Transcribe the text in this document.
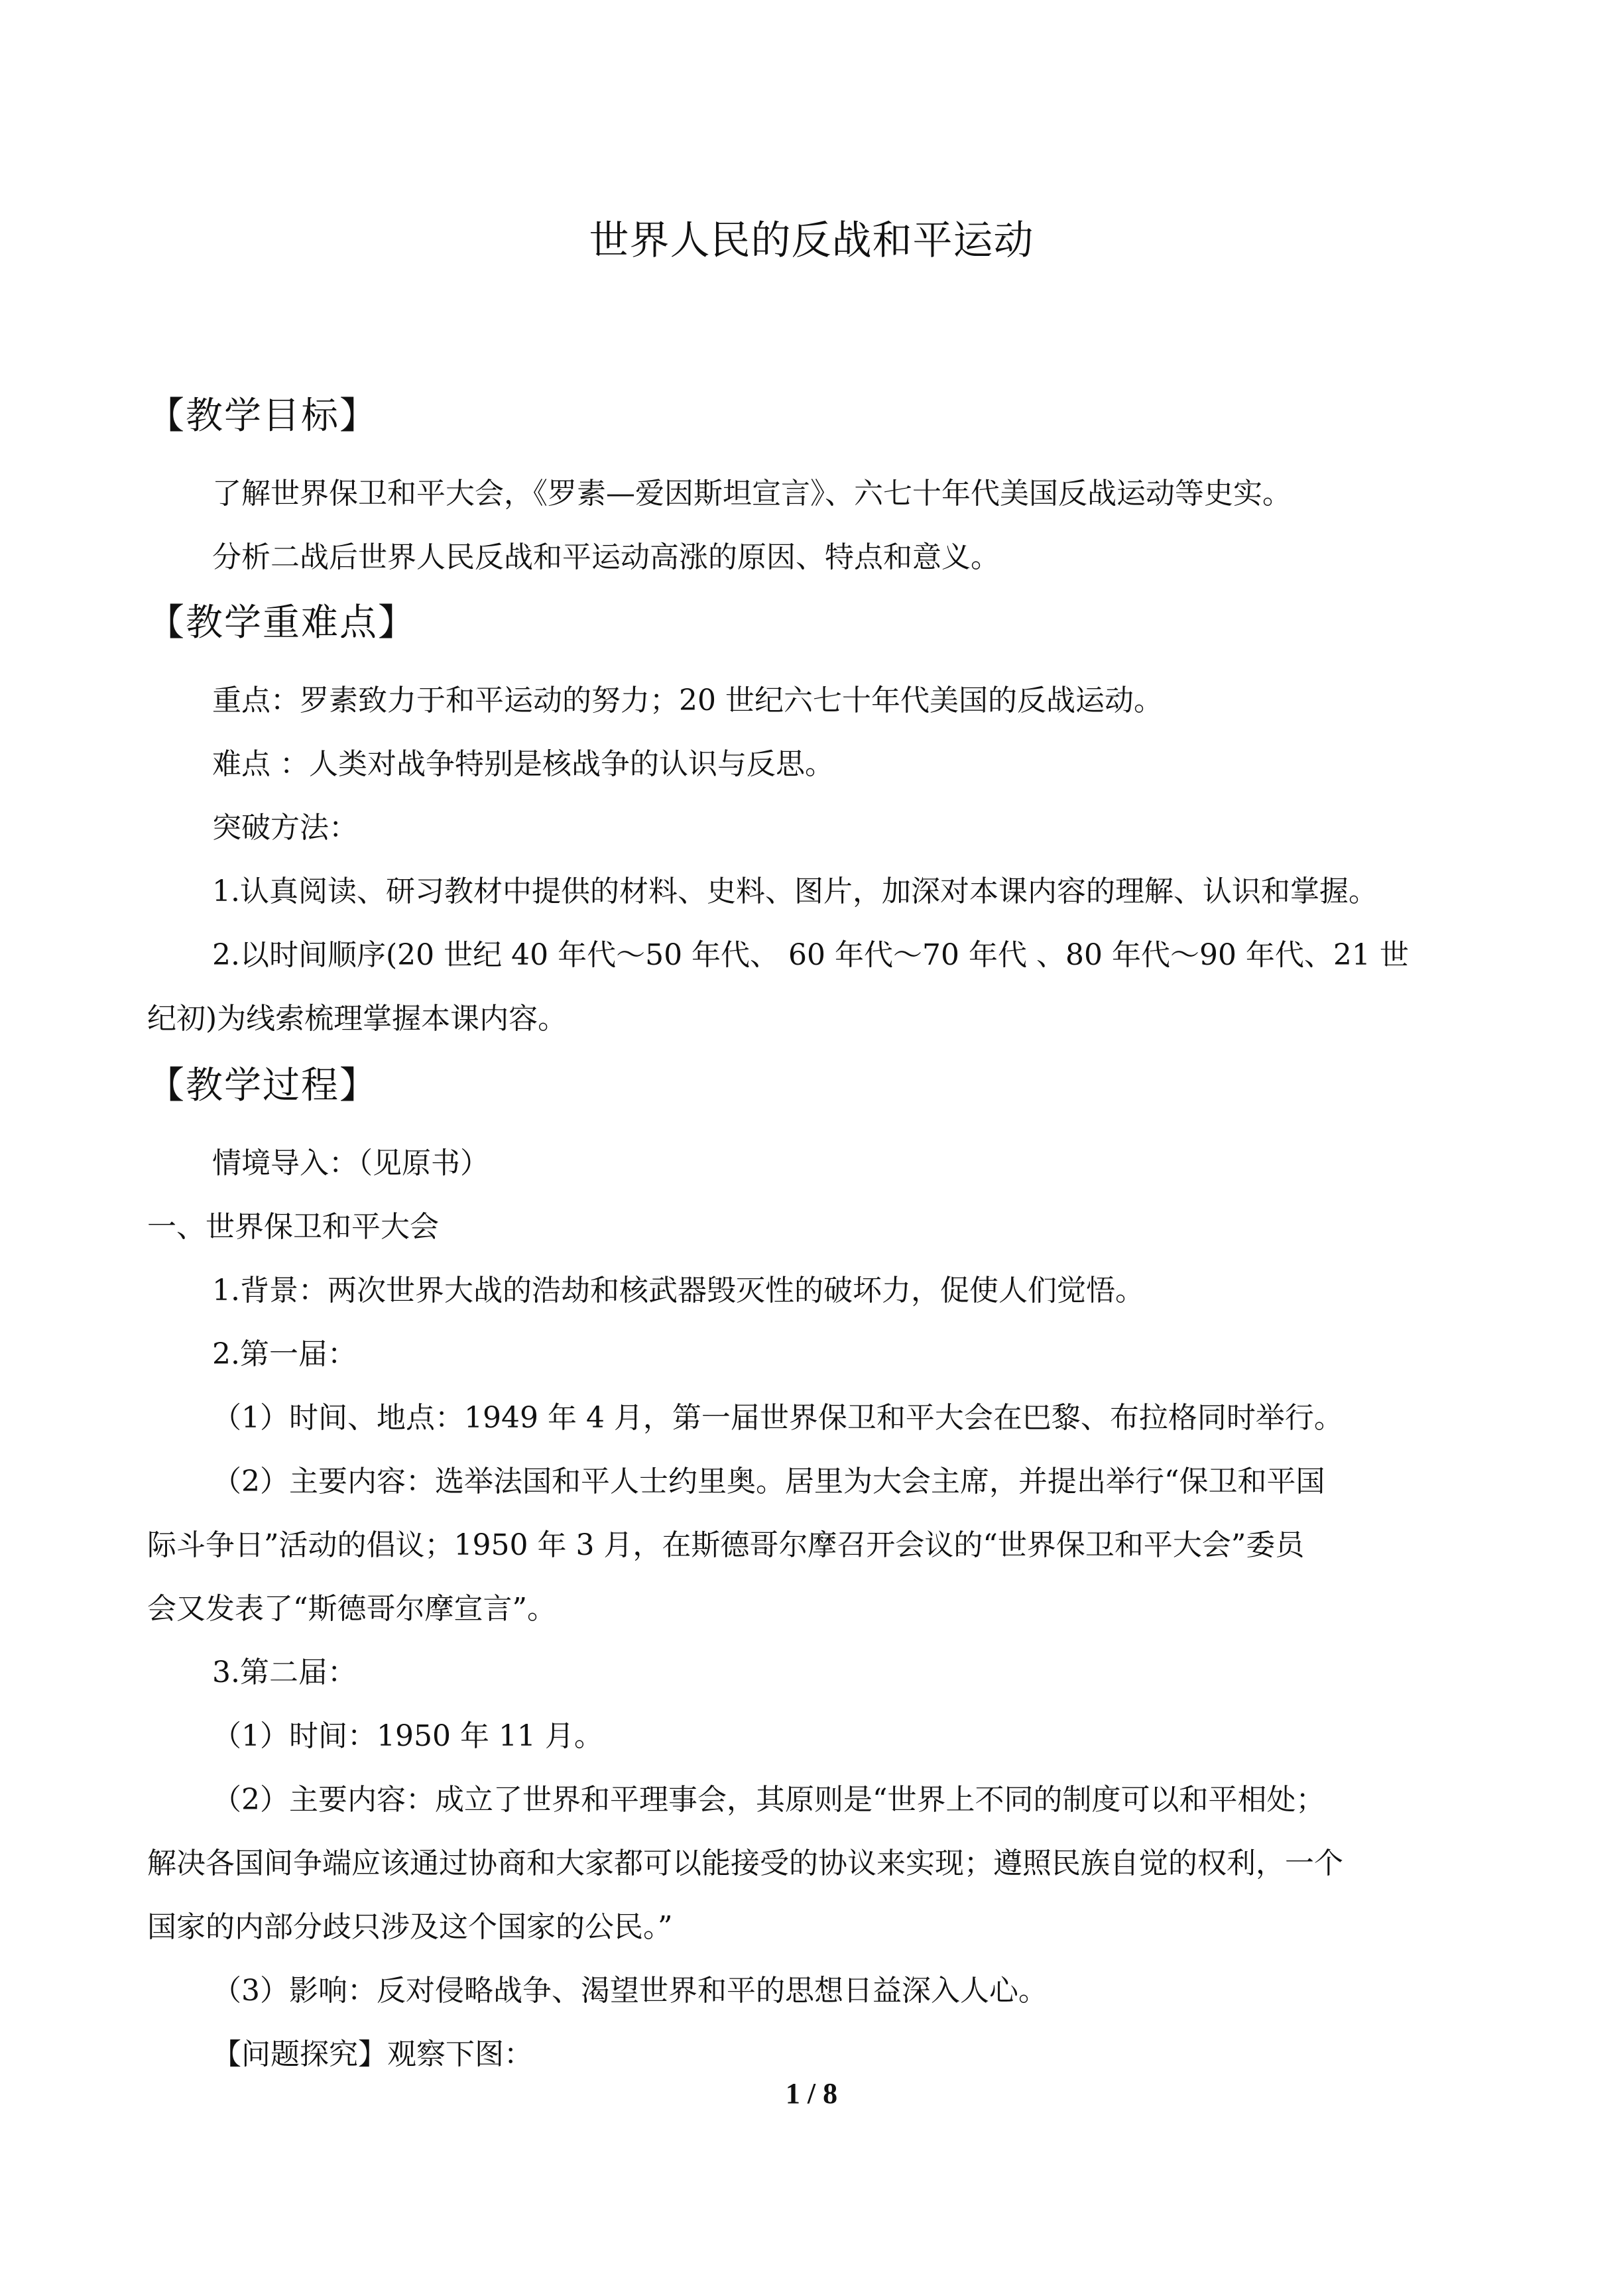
世界人民的反战和平运动
【教学目标】
了解世界保卫和平大会，《罗素—爱因斯坦宣言》、六七十年代美国反战运动等史实。
分析二战后世界人民反战和平运动高涨的原因、特点和意义。
【教学重难点】
重点：罗素致力于和平运动的努力；20 世纪六七十年代美国的反战运动。
难点 ：人类对战争特别是核战争的认识与反思。
突破方法：
1.认真阅读、研习教材中提供的材料、史料、图片，加深对本课内容的理解、认识和掌握。
2.以时间顺序(20 世纪 40 年代～50 年代、 60 年代～70 年代 、80 年代～90 年代、21 世
纪初)为线索梳理掌握本课内容。
【教学过程】
情境导入：（见原书）
一、世界保卫和平大会
1.背景：两次世界大战的浩劫和核武器毁灭性的破坏力，促使人们觉悟。
2.第一届：
（1）时间、地点：1949 年 4 月，第一届世界保卫和平大会在巴黎、布拉格同时举行。
（2）主要内容：选举法国和平人士约里奥。居里为大会主席，并提出举行“保卫和平国
际斗争日”活动的倡议；1950 年 3 月，在斯德哥尔摩召开会议的“世界保卫和平大会”委员
会又发表了“斯德哥尔摩宣言”。
3.第二届：
（1）时间：1950 年 11 月。
（2）主要内容：成立了世界和平理事会，其原则是“世界上不同的制度可以和平相处；
解决各国间争端应该通过协商和大家都可以能接受的协议来实现；遵照民族自觉的权利，一个
国家的内部分歧只涉及这个国家的公民。”
（3）影响：反对侵略战争、渴望世界和平的思想日益深入人心。
【问题探究】观察下图：
1 / 8
